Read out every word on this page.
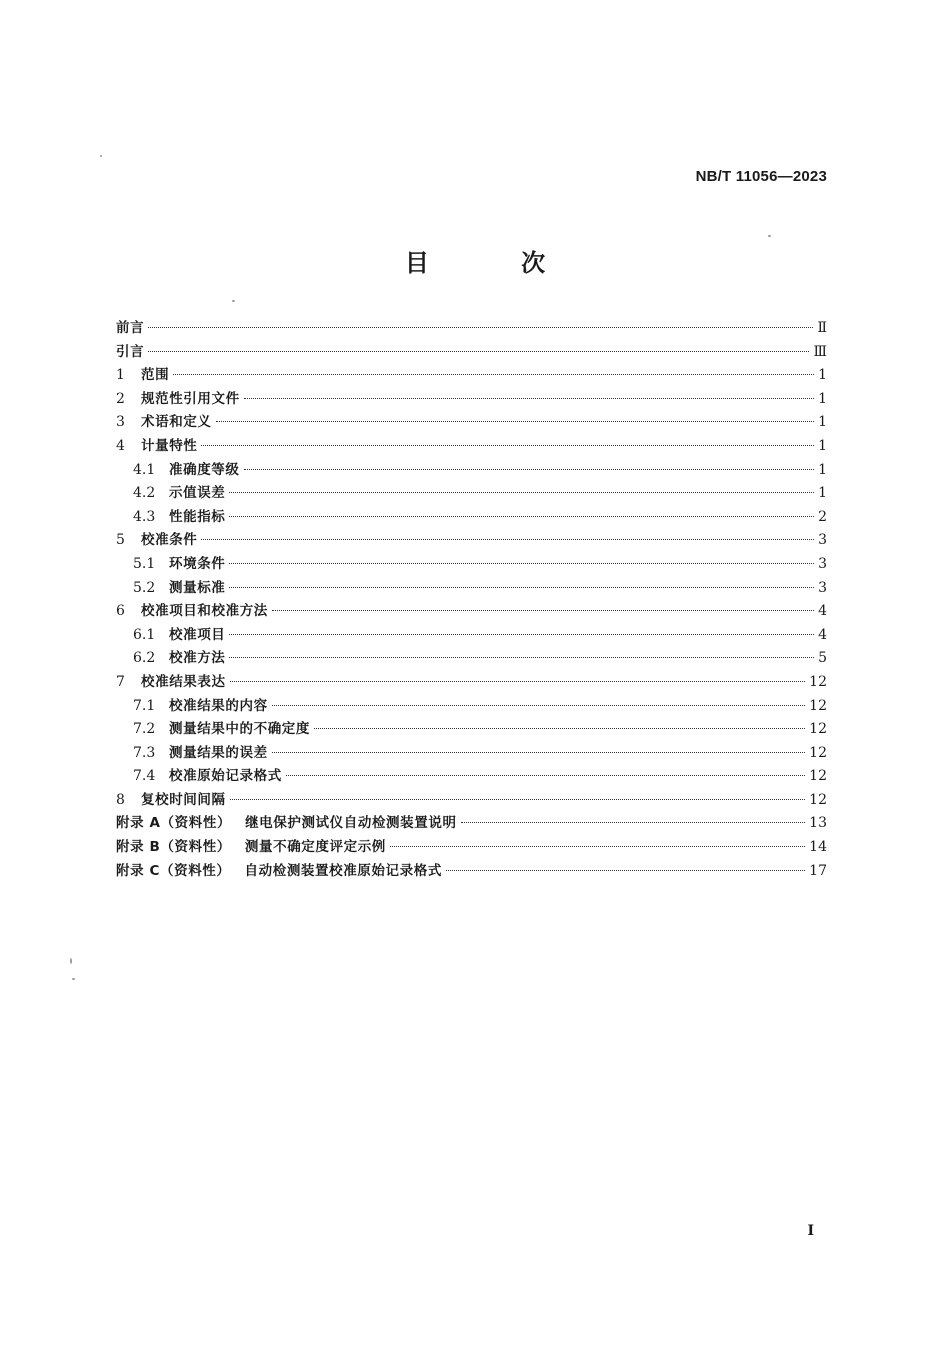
NB/T 11056—2023
目 次
前言	Ⅱ
引言	Ⅲ
1	范围	1
2	规范性引用文件	1
3	术语和定义	1
4	计量特性	1
4.1	准确度等级	1
4.2	示值误差	1
4.3	性能指标	2
5	校准条件	3
5.1	环境条件	3
5.2	测量标准	3
6	校准项目和校准方法	4
6.1	校准项目	4
6.2	校准方法	5
7	校准结果表达	12
7.1	校准结果的内容	12
7.2	测量结果中的不确定度	12
7.3	测量结果的误差	12
7.4	校准原始记录格式	12
8	复校时间间隔	12
附录 A（资料性） 继电保护测试仪自动检测装置说明	13
附录 B（资料性） 测量不确定度评定示例	14
附录 C（资料性） 自动检测装置校准原始记录格式	17
I
